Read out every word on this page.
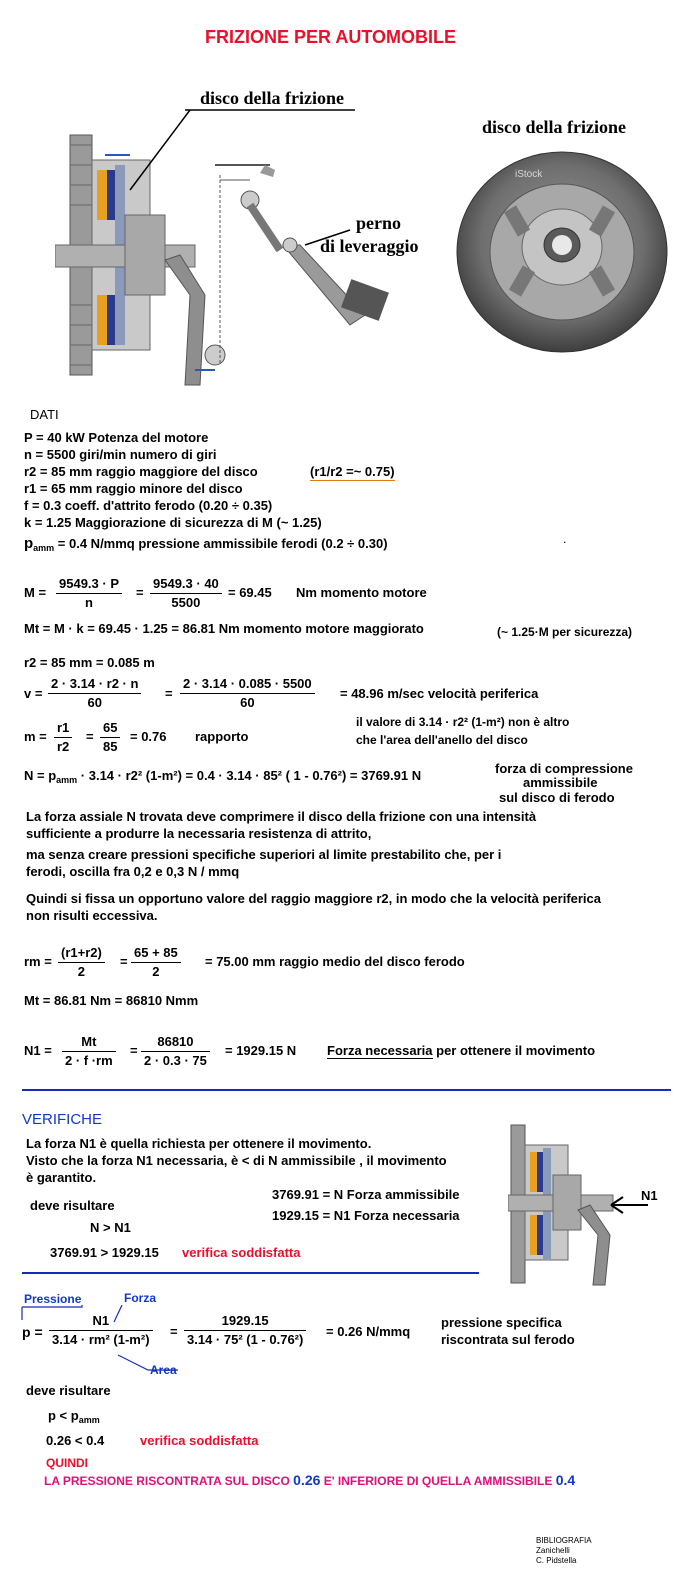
FRIZIONE PER AUTOMOBILE
disco della frizione
perno
di leveraggio
disco della frizione
iStock
DATI
P = 40 kW Potenza del motore
n = 5500 giri/min numero di giri
r2 = 85 mm raggio maggiore del disco	(r1/r2 =~ 0.75)
r1 = 65 mm raggio minore del disco
f = 0.3 coeff. d'attrito ferodo (0.20 ÷ 0.35)
k = 1.25 Maggiorazione di sicurezza di M (~ 1.25)
$p_{amm} = 0.4$ N/mmq pressione ammissibile ferodi (0.2 ÷ 0.30)	.
M =
9549.3 · P
n
=
9549.3 · 40
5500
= 69.45 Nm momento motore
Mt = M · k = 69.45 · 1.25 = 86.81 Nm momento motore maggiorato	(~ 1.25·M per sicurezza)
r2 = 85 mm = 0.085 m
v =
2 · 3.14 · r2 · n
60
=
2 · 3.14 · 0.085 · 5500
60
= 48.96 m/sec velocità periferica
il valore di 3.14 · r2² (1-m²) non è altro
che l'area dell'anello del disco
m =
r1
r2
=
65
85
= 0.76 rapporto
$N = p_{amm} \cdot 3.14 \cdot r2^2$ (1-m²) = 0.4 · 3.14 · 85² ( 1 - 0.76²) = 3769.91 N	forza di compressione
ammissibile
sul disco di ferodo
La forza assiale N trovata deve comprimere il disco della frizione con una intensità
sufficiente a produrre la necessaria resistenza di attrito,
ma senza creare pressioni specifiche superiori al limite prestabilito che, per i
ferodi, oscilla fra 0,2 e 0,3 N / mmq
Quindi si fissa un opportuno valore del raggio maggiore r2, in modo che la velocità periferica
non risulti eccessiva.
rm =
(r1+r2)
2
=
65 + 85
2
= 75.00 mm raggio medio del disco ferodo
Mt = 86.81 Nm = 86810 Nmm
N1 =
Mt
2 · f ·rm
=
86810
2 · 0.3 · 75
= 1929.15 N Forza necessaria per ottenere il movimento
VERIFICHE
La forza N1 è quella richiesta per ottenere il movimento.
Visto che la forza N1 necessaria, è < di N ammissibile , il movimento
è garantito.
deve risultare
N > N1
3769.91 > 1929.15 verifica soddisfatta
3769.91 = N Forza ammissibile
1929.15 = N1 Forza necessaria
N1
Pressione	Forza
Area
p =
N1
3.14 · rm² (1-m²)
=
1929.15
3.14 · 75² (1 - 0.76²)
= 0.26 N/mmq
pressione specifica
riscontrata sul ferodo
deve risultare
$p < p_{amm}$
0.26 < 0.4	verifica soddisfatta
QUINDI
LA PRESSIONE RISCONTRATA SUL DISCO 0.26 E' INFERIORE DI QUELLA AMMISSIBILE 0.4
BIBLIOGRAFIA
Zanichelli
C. Pidstella
